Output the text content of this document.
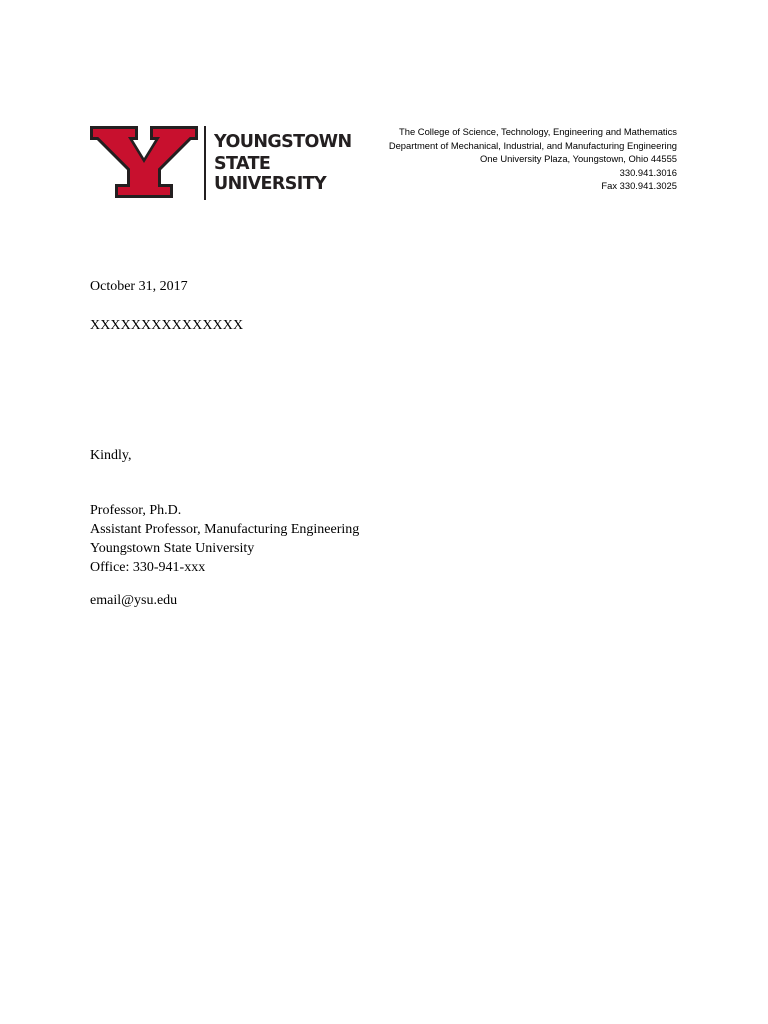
YOUNGSTOWN
STATE
UNIVERSITY
The College of Science, Technology, Engineering and Mathematics
Department of Mechanical, Industrial, and Manufacturing Engineering
One University Plaza, Youngstown, Ohio 44555
330.941.3016
Fax 330.941.3025
October 31, 2017
XXXXXXXXXXXXXXX
Kindly,
Professor, Ph.D.
Assistant Professor, Manufacturing Engineering
Youngstown State University
Office: 330-941-xxx
email@ysu.edu
